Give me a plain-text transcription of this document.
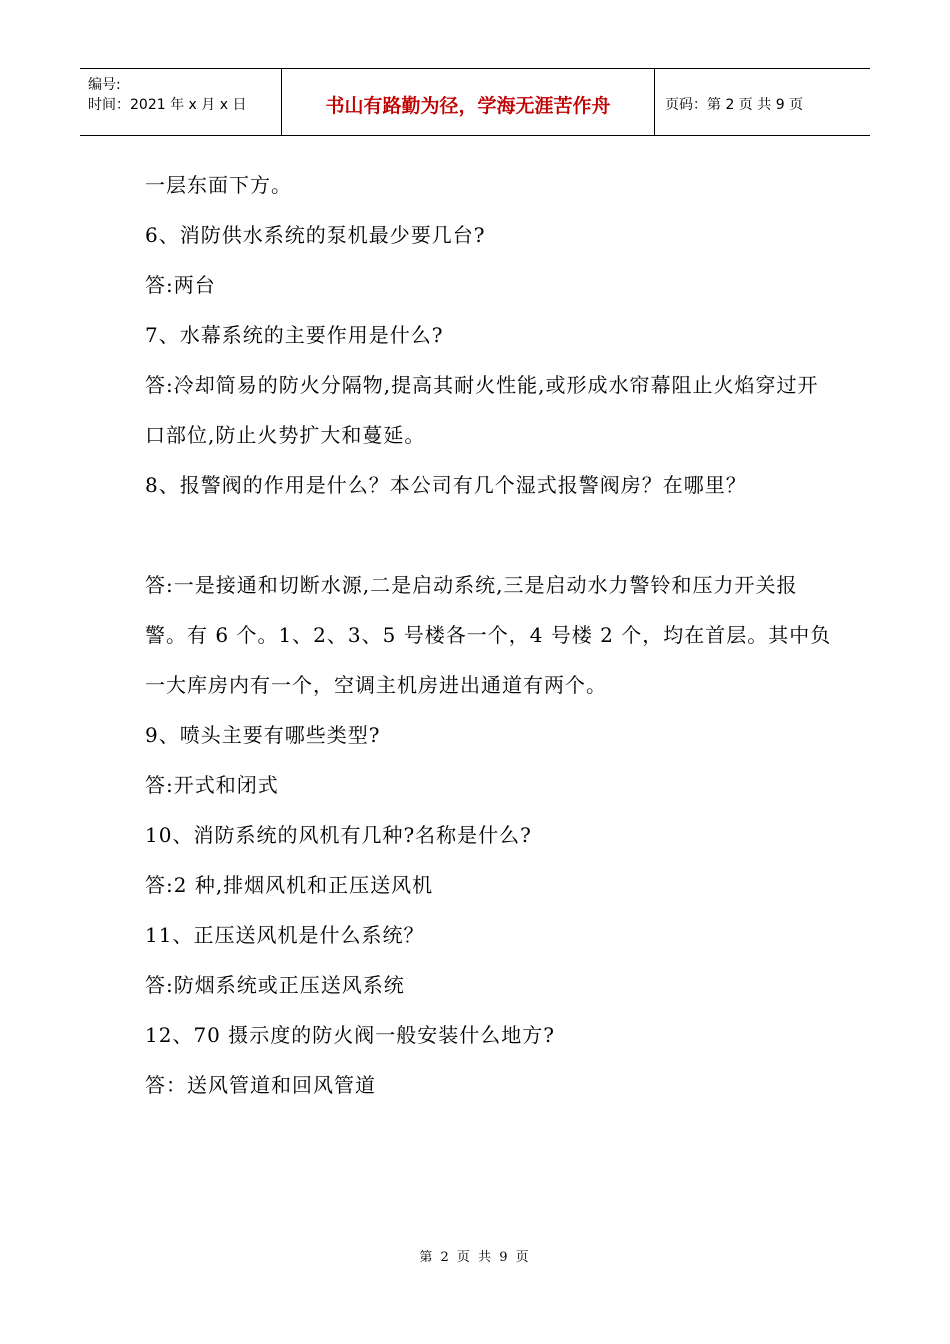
编号:
时间：2021 年 x 月 x 日	书山有路勤为径，学海无涯苦作舟	页码：第 2 页 共 9 页

一层东面下方。

6、消防供水系统的泵机最少要几台?

答:两台

7、水幕系统的主要作用是什么?

答:冷却简易的防火分隔物,提高其耐火性能,或形成水帘幕阻止火焰穿过开口部位,防止火势扩大和蔓延。

8、报警阀的作用是什么？本公司有几个湿式报警阀房？在哪里？

答:一是接通和切断水源,二是启动系统,三是启动水力警铃和压力开关报警。有 6 个。1、2、3、5 号楼各一个，4 号楼 2 个，均在首层。其中负一大库房内有一个，空调主机房进出通道有两个。

9、喷头主要有哪些类型?

答:开式和闭式

10、消防系统的风机有几种?名称是什么?

答:2 种,排烟风机和正压送风机

11、正压送风机是什么系统？

答:防烟系统或正压送风系统

12、70 摄示度的防火阀一般安装什么地方?

答：送风管道和回风管道

第 2 页 共 9 页
